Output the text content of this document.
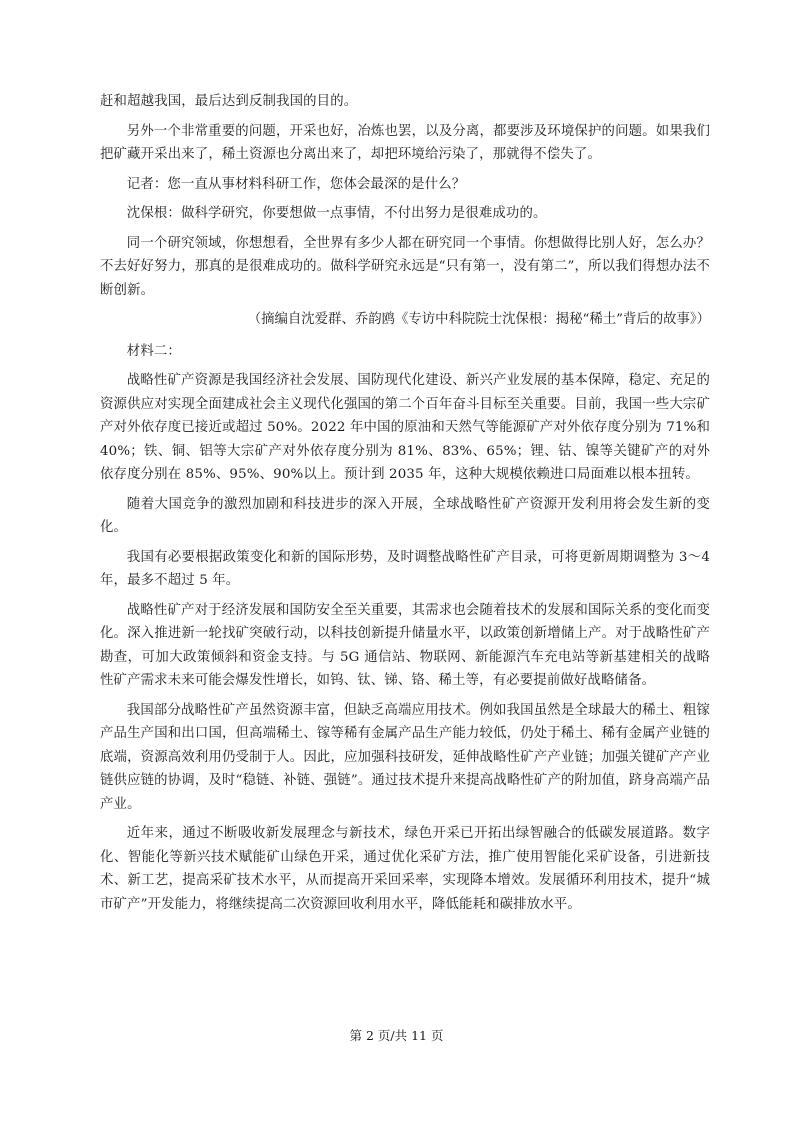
赶和超越我国，最后达到反制我国的目的。

另外一个非常重要的问题，开采也好，冶炼也罢，以及分离，都要涉及环境保护的问题。如果我们把矿藏开采出来了，稀土资源也分离出来了，却把环境给污染了，那就得不偿失了。

记者：您一直从事材料科研工作，您体会最深的是什么？

沈保根：做科学研究，你要想做一点事情，不付出努力是很难成功的。

同一个研究领域，你想想看，全世界有多少人都在研究同一个事情。你想做得比别人好，怎么办？不去好好努力，那真的是很难成功的。做科学研究永远是“只有第一，没有第二”，所以我们得想办法不断创新。

（摘编自沈爱群、乔韵鸥《专访中科院院士沈保根：揭秘“稀土”背后的故事》）

材料二：

战略性矿产资源是我国经济社会发展、国防现代化建设、新兴产业发展的基本保障，稳定、充足的资源供应对实现全面建成社会主义现代化强国的第二个百年奋斗目标至关重要。目前，我国一些大宗矿产对外依存度已接近或超过 50%。2022 年中国的原油和天然气等能源矿产对外依存度分别为 71%和 40%；铁、铜、铝等大宗矿产对外依存度分别为 81%、83%、65%；锂、钴、镍等关键矿产的对外依存度分别在 85%、95%、90%以上。预计到 2035 年，这种大规模依赖进口局面难以根本扭转。

随着大国竞争的激烈加剧和科技进步的深入开展，全球战略性矿产资源开发利用将会发生新的变化。

我国有必要根据政策变化和新的国际形势，及时调整战略性矿产目录，可将更新周期调整为 3～4 年，最多不超过 5 年。

战略性矿产对于经济发展和国防安全至关重要，其需求也会随着技术的发展和国际关系的变化而变化。深入推进新一轮找矿突破行动，以科技创新提升储量水平，以政策创新增储上产。对于战略性矿产勘查，可加大政策倾斜和资金支持。与 5G 通信站、物联网、新能源汽车充电站等新基建相关的战略性矿产需求未来可能会爆发性增长，如钨、钛、锑、铬、稀土等，有必要提前做好战略储备。

我国部分战略性矿产虽然资源丰富，但缺乏高端应用技术。例如我国虽然是全球最大的稀土、粗镓产品生产国和出口国，但高端稀土、镓等稀有金属产品生产能力较低，仍处于稀土、稀有金属产业链的底端，资源高效利用仍受制于人。因此，应加强科技研发，延伸战略性矿产产业链；加强关键矿产产业链供应链的协调，及时“稳链、补链、强链”。通过技术提升来提高战略性矿产的附加值，跻身高端产品产业。

近年来，通过不断吸收新发展理念与新技术，绿色开采已开拓出绿智融合的低碳发展道路。数字化、智能化等新兴技术赋能矿山绿色开采，通过优化采矿方法，推广使用智能化采矿设备，引进新技术、新工艺，提高采矿技术水平，从而提高开采回采率，实现降本增效。发展循环利用技术，提升“城市矿产”开发能力，将继续提高二次资源回收利用水平，降低能耗和碳排放水平。

第 2 页/共 11 页
